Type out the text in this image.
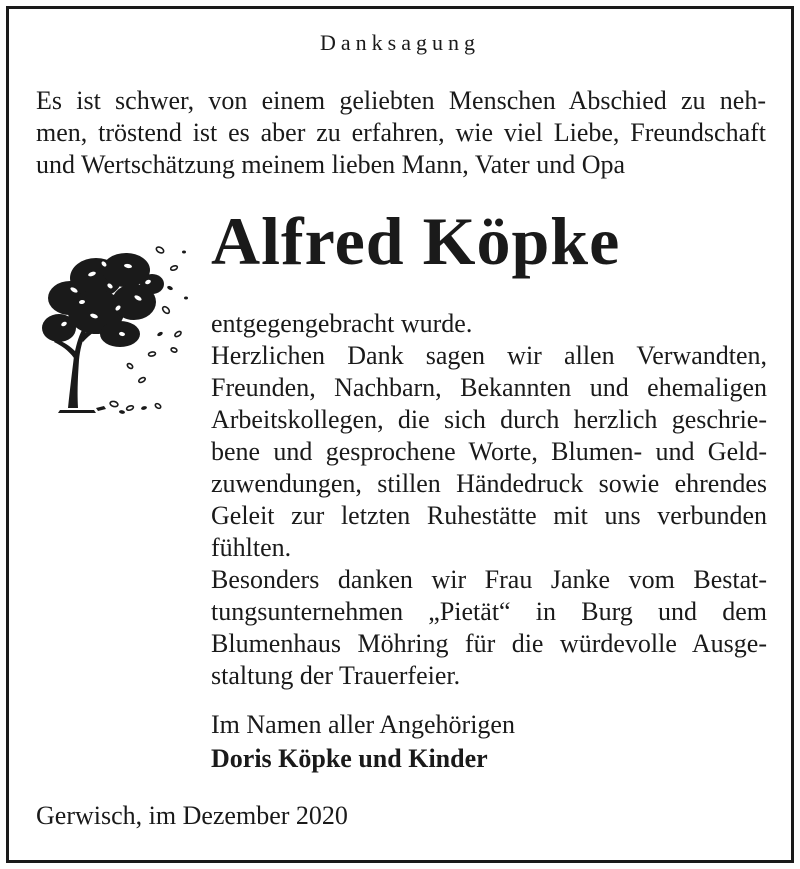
Danksagung

Es ist schwer, von einem geliebten Menschen Abschied zu neh-
men, tröstend ist es aber zu erfahren, wie viel Liebe, Freundschaft
und Wertschätzung meinem lieben Mann, Vater und Opa

Alfred Köpke

entgegengebracht wurde.
Herzlichen Dank sagen wir allen Verwandten,
Freunden, Nachbarn, Bekannten und ehemaligen
Arbeitskollegen, die sich durch herzlich geschrie-
bene und gesprochene Worte, Blumen- und Geld-
zuwendungen, stillen Händedruck sowie ehrendes
Geleit zur letzten Ruhestätte mit uns verbunden
fühlten.
Besonders danken wir Frau Janke vom Bestat-
tungsunternehmen „Pietät“ in Burg und dem
Blumenhaus Möhring für die würdevolle Ausge-
staltung der Trauerfeier.

Im Namen aller Angehörigen
Doris Köpke und Kinder

Gerwisch, im Dezember 2020
